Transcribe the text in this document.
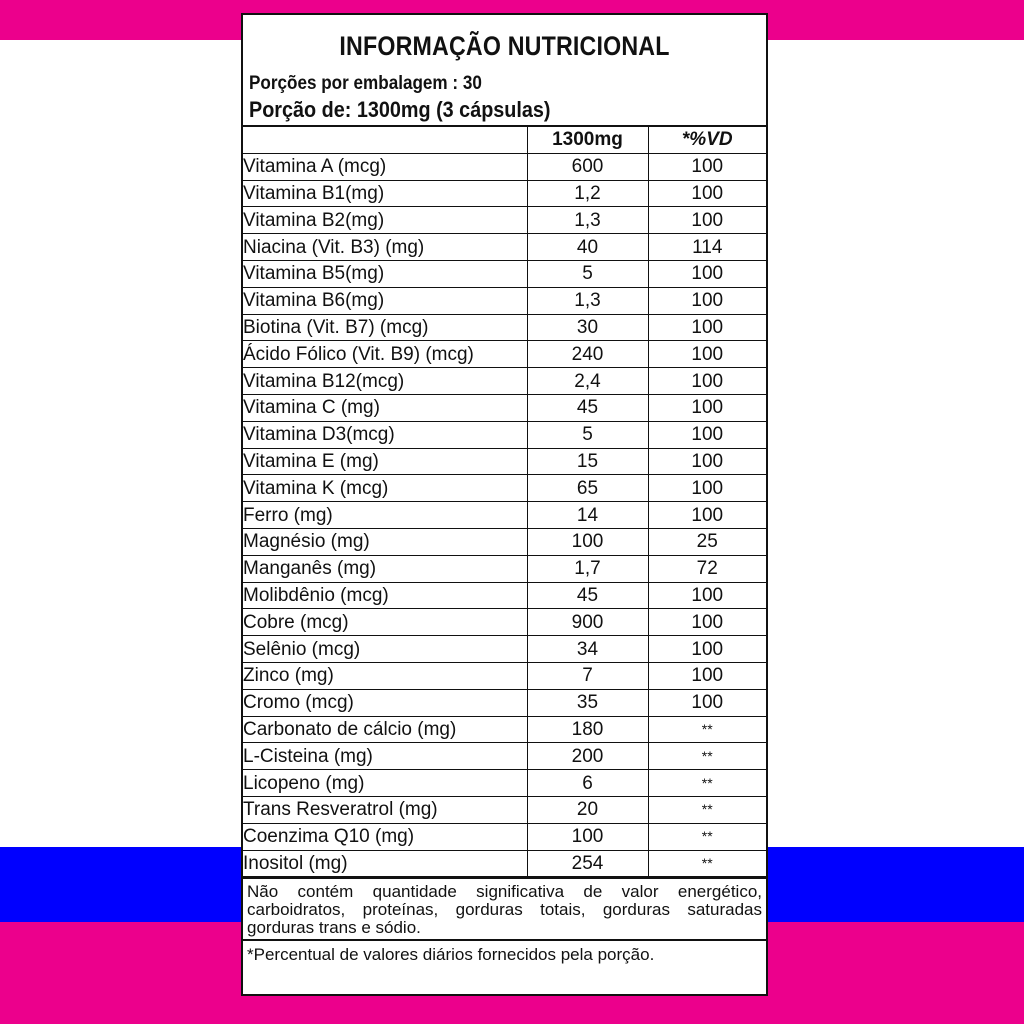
INFORMAÇÃO NUTRICIONAL
Porções por embalagem : 30
Porção de: 1300mg (3 cápsulas)
	1300mg	*%VD
Vitamina A (mcg)	600	100
Vitamina B1(mg)	1,2	100
Vitamina B2(mg)	1,3	100
Niacina (Vit. B3) (mg)	40	114
Vitamina B5(mg)	5	100
Vitamina B6(mg)	1,3	100
Biotina (Vit. B7) (mcg)	30	100
Ácido Fólico (Vit. B9) (mcg)	240	100
Vitamina B12(mcg)	2,4	100
Vitamina C (mg)	45	100
Vitamina D3(mcg)	5	100
Vitamina E (mg)	15	100
Vitamina K (mcg)	65	100
Ferro (mg)	14	100
Magnésio (mg)	100	25
Manganês (mg)	1,7	72
Molibdênio (mcg)	45	100
Cobre (mcg)	900	100
Selênio (mcg)	34	100
Zinco (mg)	7	100
Cromo (mcg)	35	100
Carbonato de cálcio (mg)	180	**
L-Cisteina (mg)	200	**
Licopeno (mg)	6	**
Trans Resveratrol (mg)	20	**
Coenzima Q10 (mg)	100	**
Inositol (mg)	254	**
Não contém quantidade significativa de valor energético, carboidratos, proteínas, gorduras totais, gorduras saturadas gorduras trans e sódio.
*Percentual de valores diários fornecidos pela porção.
